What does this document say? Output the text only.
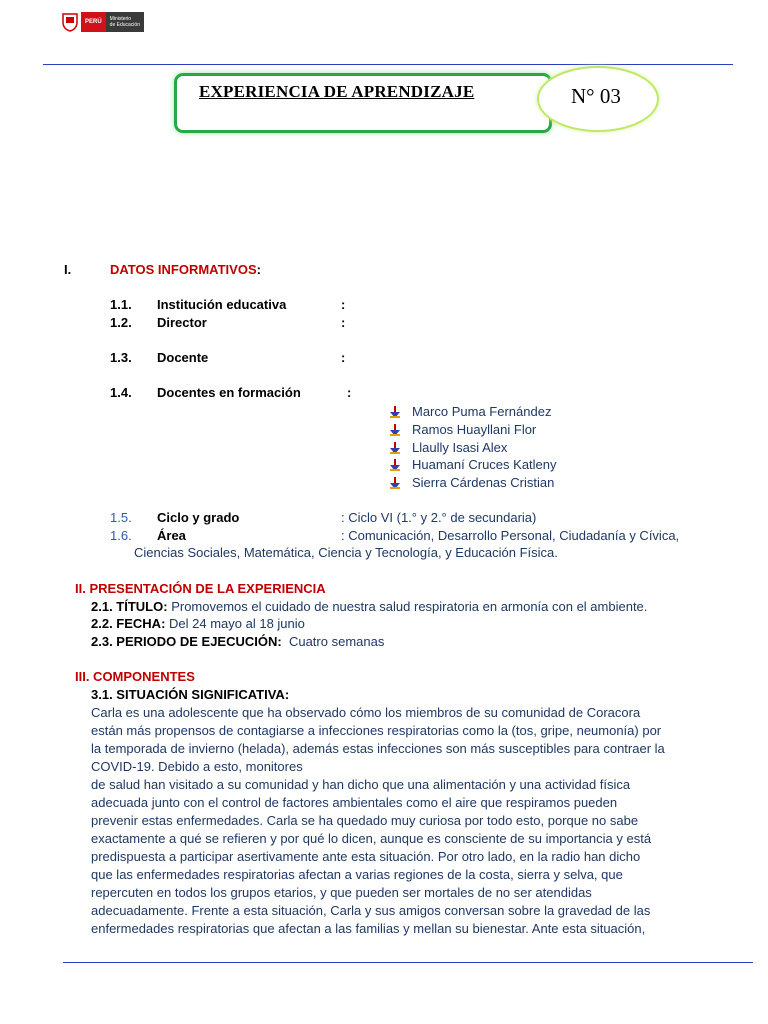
PERÚ	Ministerio
de Educación
EXPERIENCIA DE APRENDIZAJE	N° 03
I.	DATOS INFORMATIVOS:
1.1. Institución educativa	:
1.2. Director	:
1.3. Docente	:
1.4. Docentes en formación	:
Marco Puma Fernández
Ramos Huayllani Flor
Llaully Isasi Alex
Huamaní Cruces Katleny
Sierra Cárdenas Cristian
1.5. Ciclo y grado	: Ciclo VI (1.° y 2.° de secundaria)
1.6. Área	: Comunicación, Desarrollo Personal, Ciudadanía y Cívica,
Ciencias Sociales, Matemática, Ciencia y Tecnología, y Educación Física.
II. PRESENTACIÓN DE LA EXPERIENCIA
2.1. TÍTULO: Promovemos el cuidado de nuestra salud respiratoria en armonía con el ambiente.
2.2. FECHA: Del 24 mayo al 18 junio
2.3. PERIODO DE EJECUCIÓN: Cuatro semanas
III. COMPONENTES
3.1. SITUACIÓN SIGNIFICATIVA:
Carla es una adolescente que ha observado cómo los miembros de su comunidad de Coracora
están más propensos de contagiarse a infecciones respiratorias como la (tos, gripe, neumonía) por
la temporada de invierno (helada), además estas infecciones son más susceptibles para contraer la
COVID-19. Debido a esto, monitores
de salud han visitado a su comunidad y han dicho que una alimentación y una actividad física
adecuada junto con el control de factores ambientales como el aire que respiramos pueden
prevenir estas enfermedades. Carla se ha quedado muy curiosa por todo esto, porque no sabe
exactamente a qué se refieren y por qué lo dicen, aunque es consciente de su importancia y está
predispuesta a participar asertivamente ante esta situación. Por otro lado, en la radio han dicho
que las enfermedades respiratorias afectan a varias regiones de la costa, sierra y selva, que
repercuten en todos los grupos etarios, y que pueden ser mortales de no ser atendidas
adecuadamente. Frente a esta situación, Carla y sus amigos conversan sobre la gravedad de las
enfermedades respiratorias que afectan a las familias y mellan su bienestar. Ante esta situación,
